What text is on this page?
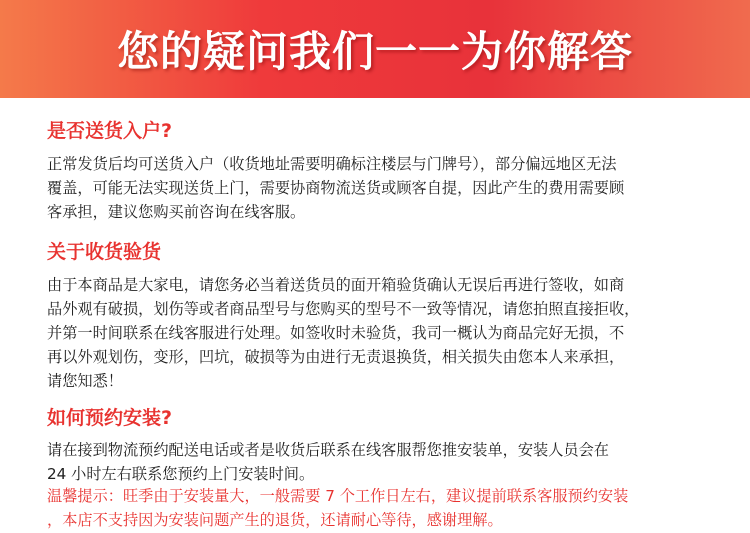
您的疑问我们一一为你解答
是否送货入户?
正常发货后均可送货入户（收货地址需要明确标注楼层与门牌号），部分偏远地区无法
覆盖，可能无法实现送货上门，需要协商物流送货或顾客自提，因此产生的费用需要顾
客承担，建议您购买前咨询在线客服。
关于收货验货
由于本商品是大家电，请您务必当着送货员的面开箱验货确认无误后再进行签收，如商
品外观有破损，划伤等或者商品型号与您购买的型号不一致等情况，请您拍照直接拒收，
并第一时间联系在线客服进行处理。如签收时未验货，我司一概认为商品完好无损，不
再以外观划伤，变形，凹坑，破损等为由进行无责退换货，相关损失由您本人来承担，
请您知悉！
如何预约安装?
请在接到物流预约配送电话或者是收货后联系在线客服帮您推安装单，安装人员会在
24 小时左右联系您预约上门安装时间。
温馨提示：旺季由于安装量大，一般需要 7 个工作日左右，建议提前联系客服预约安装
，本店不支持因为安装问题产生的退货，还请耐心等待，感谢理解。
